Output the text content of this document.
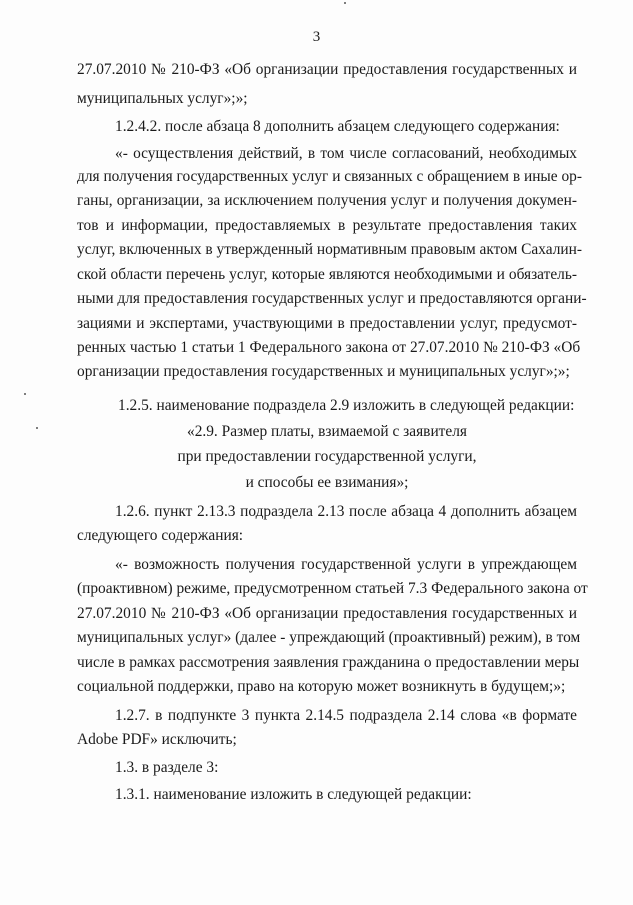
3
27.07.2010 № 210-ФЗ «Об организации предоставления государственных и
муниципальных услуг»;»;
1.2.4.2. после абзаца 8 дополнить абзацем следующего содержания:
«- осуществления действий, в том числе согласований, необходимых
для получения государственных услуг и связанных с обращением в иные ор-
ганы, организации, за исключением получения услуг и получения докумен-
тов и информации, предоставляемых в результате предоставления таких
услуг, включенных в утвержденный нормативным правовым актом Сахалин-
ской области перечень услуг, которые являются необходимыми и обязатель-
ными для предоставления государственных услуг и предоставляются органи-
зациями и экспертами, участвующими в предоставлении услуг, предусмот-
ренных частью 1 статьи 1 Федерального закона от 27.07.2010 № 210-ФЗ «Об
организации предоставления государственных и муниципальных услуг»;»;
1.2.5. наименование подраздела 2.9 изложить в следующей редакции:
«2.9. Размер платы, взимаемой с заявителя
при предоставлении государственной услуги,
и способы ее взимания»;
1.2.6. пункт 2.13.3 подраздела 2.13 после абзаца 4 дополнить абзацем
следующего содержания:
«- возможность получения государственной услуги в упреждающем
(проактивном) режиме, предусмотренном статьей 7.3 Федерального закона от
27.07.2010 № 210-ФЗ «Об организации предоставления государственных и
муниципальных услуг» (далее - упреждающий (проактивный) режим), в том
числе в рамках рассмотрения заявления гражданина о предоставлении меры
социальной поддержки, право на которую может возникнуть в будущем;»;
1.2.7. в подпункте 3 пункта 2.14.5 подраздела 2.14 слова «в формате
Adobe PDF» исключить;
1.3. в разделе 3:
1.3.1. наименование изложить в следующей редакции:
